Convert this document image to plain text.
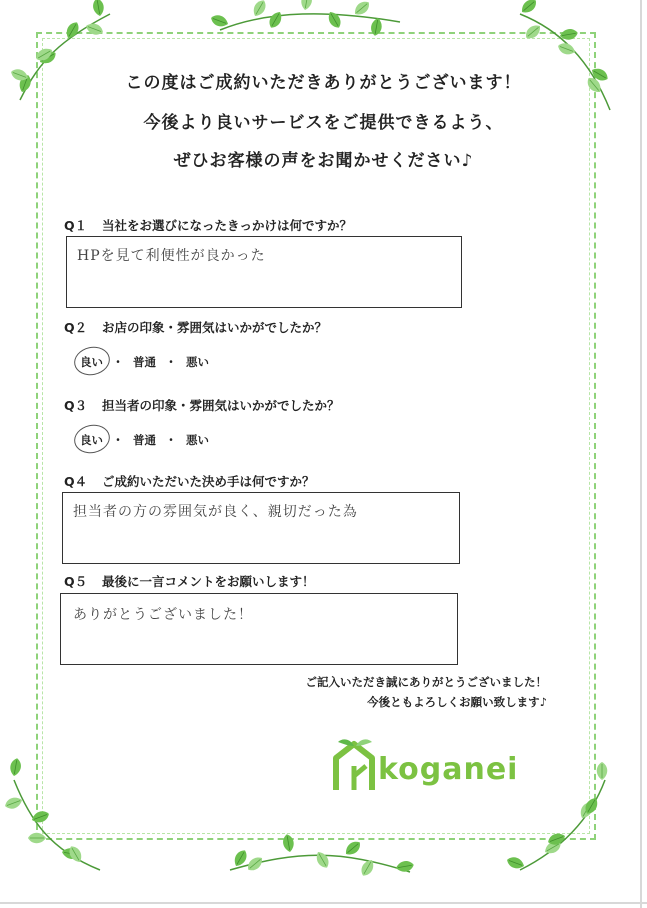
この度はご成約いただきありがとうございます！
今後より良いサービスをご提供できるよう、
ぜひお客様の声をお聞かせください♪
Q１ 当社をお選びになったきっかけは何ですか？
HPを見て利便性が良かった
Q２ お店の印象・雰囲気はいかがでしたか？
良い ・ 普通 ・ 悪い
Q３ 担当者の印象・雰囲気はいかがでしたか？
良い ・ 普通 ・ 悪い
Q４ ご成約いただいた決め手は何ですか？
担当者の方の雰囲気が良く、親切だった為
Q５ 最後に一言コメントをお願いします！
ありがとうございました！
ご記入いただき誠にありがとうございました！
今後ともよろしくお願い致します♪
koganei
